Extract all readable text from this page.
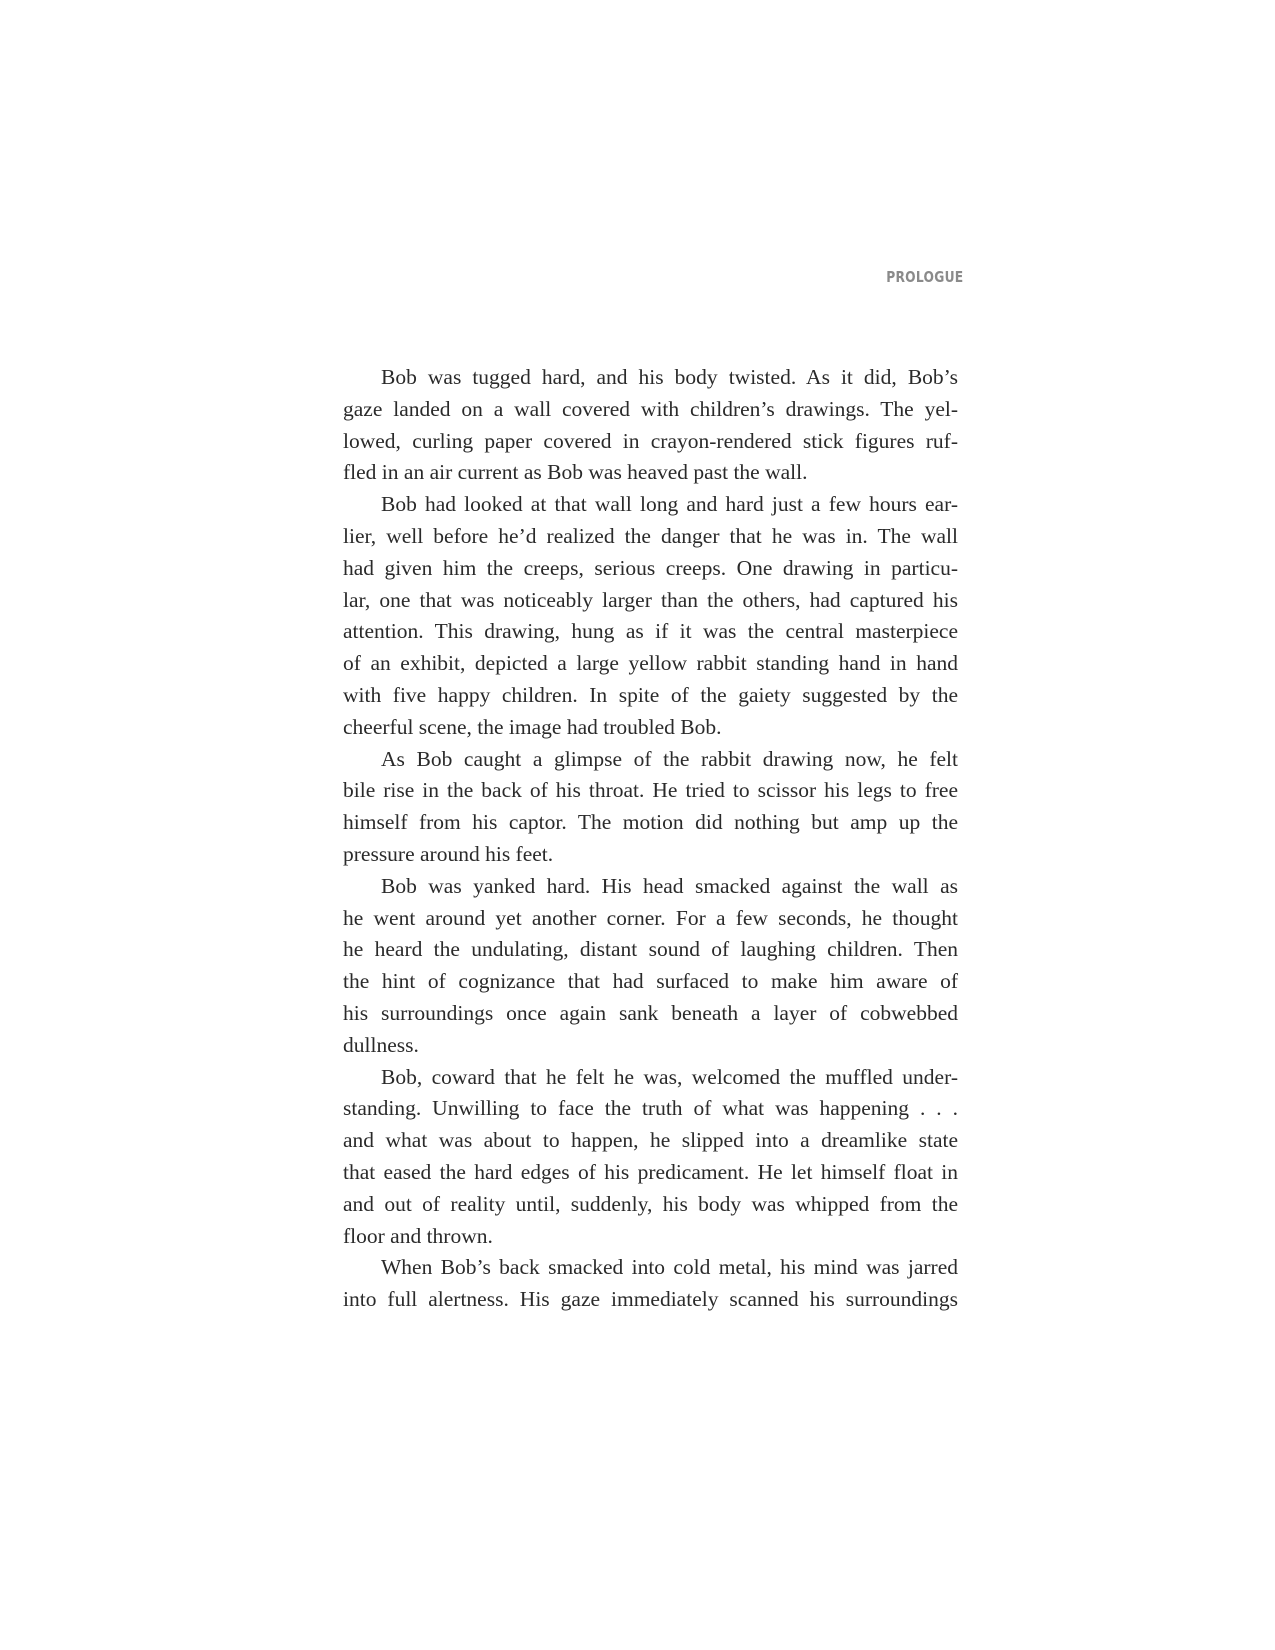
PROLOGUE
Bob was tugged hard, and his body twisted. As it did, Bob’s
gaze landed on a wall covered with children’s drawings. The yel-
lowed, curling paper covered in crayon-rendered stick figures ruf-
fled in an air current as Bob was heaved past the wall.
Bob had looked at that wall long and hard just a few hours ear-
lier, well before he’d realized the danger that he was in. The wall
had given him the creeps, serious creeps. One drawing in particu-
lar, one that was noticeably larger than the others, had captured his
attention. This drawing, hung as if it was the central masterpiece
of an exhibit, depicted a large yellow rabbit standing hand in hand
with five happy children. In spite of the gaiety suggested by the
cheerful scene, the image had troubled Bob.
As Bob caught a glimpse of the rabbit drawing now, he felt
bile rise in the back of his throat. He tried to scissor his legs to free
himself from his captor. The motion did nothing but amp up the
pressure around his feet.
Bob was yanked hard. His head smacked against the wall as
he went around yet another corner. For a few seconds, he thought
he heard the undulating, distant sound of laughing children. Then
the hint of cognizance that had surfaced to make him aware of
his surroundings once again sank beneath a layer of cobwebbed
dullness.
Bob, coward that he felt he was, welcomed the muffled under-
standing. Unwilling to face the truth of what was happening . . .
and what was about to happen, he slipped into a dreamlike state
that eased the hard edges of his predicament. He let himself float in
and out of reality until, suddenly, his body was whipped from the
floor and thrown.
When Bob’s back smacked into cold metal, his mind was jarred
into full alertness. His gaze immediately scanned his surroundings
